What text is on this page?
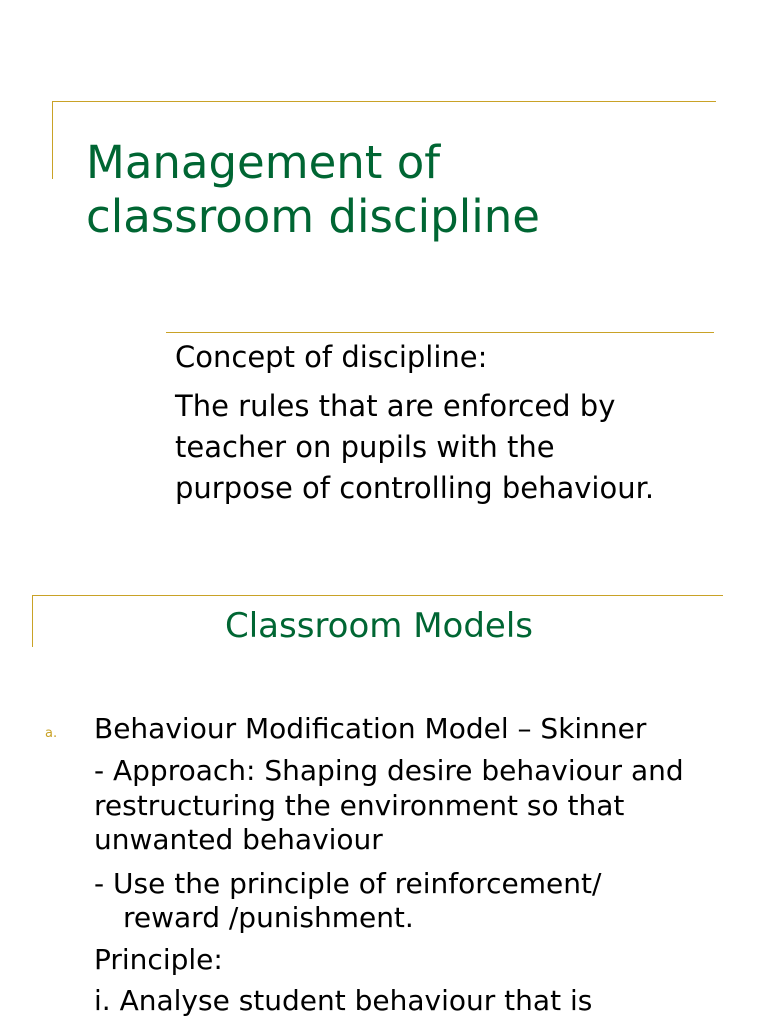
Management of
classroom discipline

Concept of discipline:

The rules that are enforced by

teacher on pupils with the

purpose of controlling behaviour.

Classroom Models
a. Behaviour Modification Model – Skinner

- Approach: Shaping desire behaviour and

restructuring the environment so that

unwanted behaviour

- Use the principle of reinforcement/

reward /punishment.

Principle:

i. Analyse student behaviour that is
